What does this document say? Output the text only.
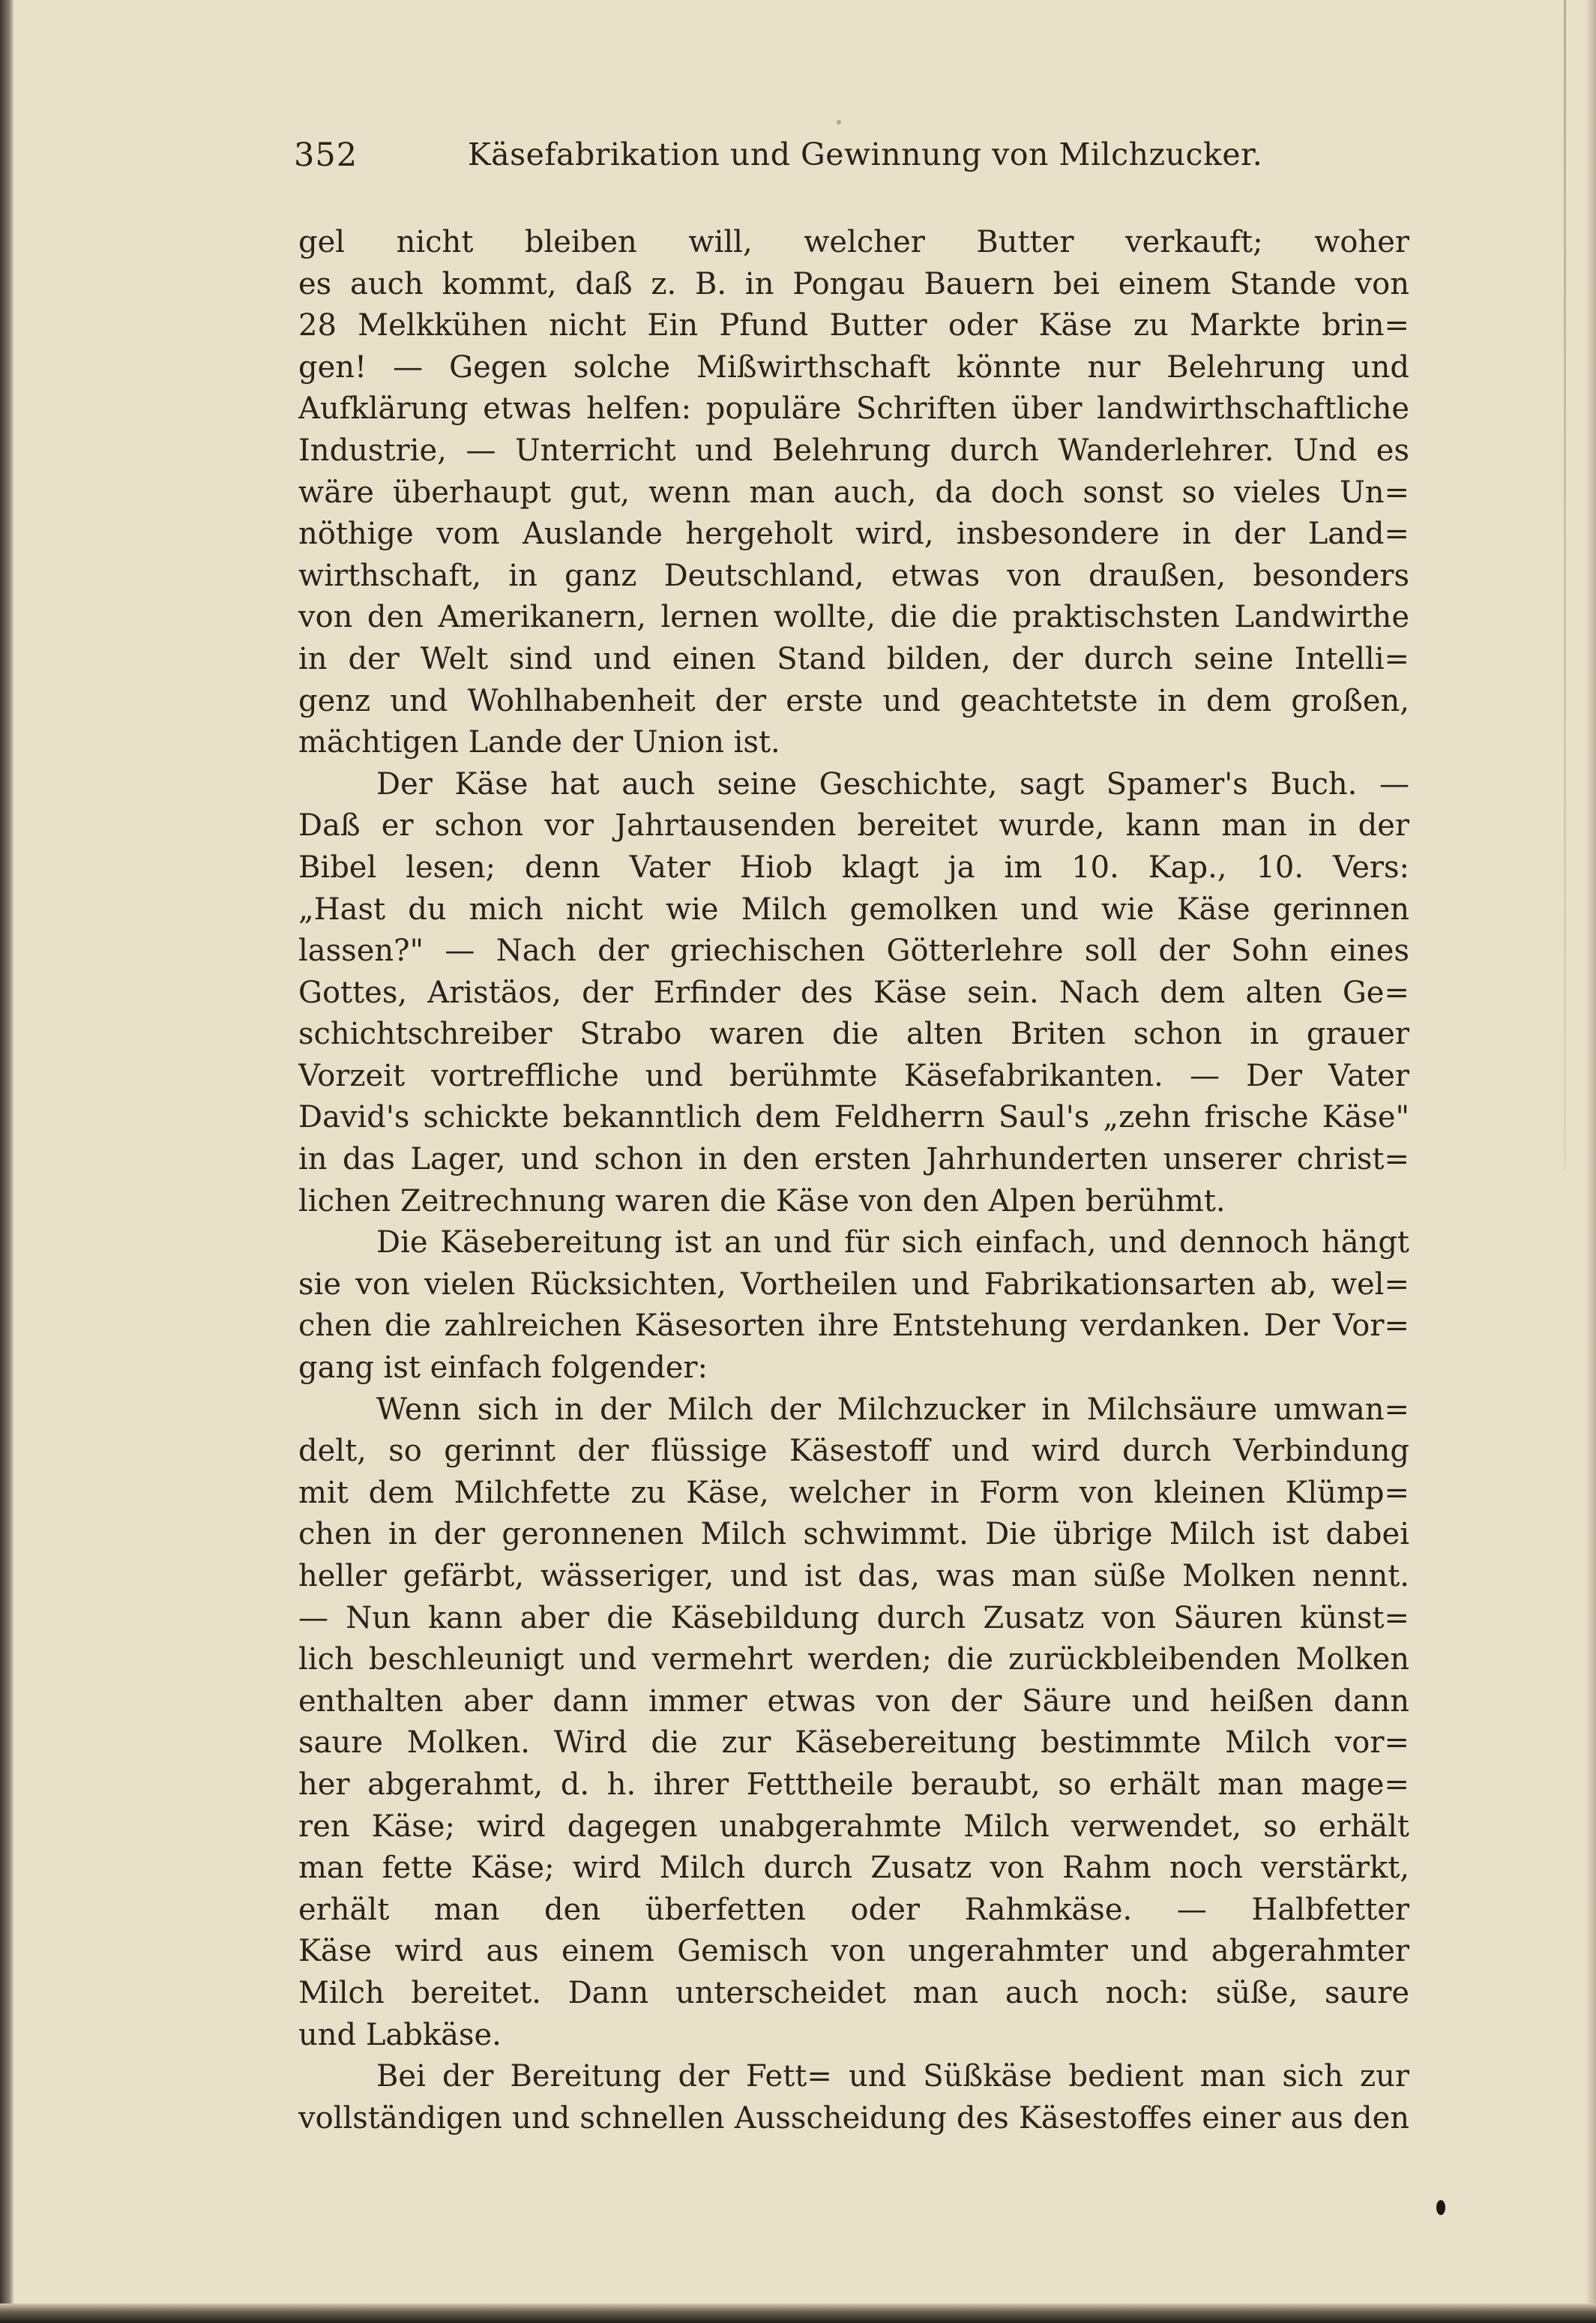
352	Käsefabrikation und Gewinnung von Milchzucker.
gel nicht bleiben will, welcher Butter verkauft; woher
es auch kommt, daß z. B. in Pongau Bauern bei einem Stande von
28 Melkkühen nicht Ein Pfund Butter oder Käse zu Markte brin=
gen! — Gegen solche Mißwirthschaft könnte nur Belehrung und
Aufklärung etwas helfen: populäre Schriften über landwirthschaftliche
Industrie, — Unterricht und Belehrung durch Wanderlehrer. Und es
wäre überhaupt gut, wenn man auch, da doch sonst so vieles Un=
nöthige vom Auslande hergeholt wird, insbesondere in der Land=
wirthschaft, in ganz Deutschland, etwas von draußen, besonders
von den Amerikanern, lernen wollte, die die praktischsten Landwirthe
in der Welt sind und einen Stand bilden, der durch seine Intelli=
genz und Wohlhabenheit der erste und geachtetste in dem großen,
mächtigen Lande der Union ist.
Der Käse hat auch seine Geschichte, sagt Spamer's Buch. —
Daß er schon vor Jahrtausenden bereitet wurde, kann man in der
Bibel lesen; denn Vater Hiob klagt ja im 10. Kap., 10. Vers:
„Hast du mich nicht wie Milch gemolken und wie Käse gerinnen
lassen?" — Nach der griechischen Götterlehre soll der Sohn eines
Gottes, Aristäos, der Erfinder des Käse sein. Nach dem alten Ge=
schichtschreiber Strabo waren die alten Briten schon in grauer
Vorzeit vortreffliche und berühmte Käsefabrikanten. — Der Vater
David's schickte bekanntlich dem Feldherrn Saul's „zehn frische Käse"
in das Lager, und schon in den ersten Jahrhunderten unserer christ=
lichen Zeitrechnung waren die Käse von den Alpen berühmt.
Die Käsebereitung ist an und für sich einfach, und dennoch hängt
sie von vielen Rücksichten, Vortheilen und Fabrikationsarten ab, wel=
chen die zahlreichen Käsesorten ihre Entstehung verdanken. Der Vor=
gang ist einfach folgender:
Wenn sich in der Milch der Milchzucker in Milchsäure umwan=
delt, so gerinnt der flüssige Käsestoff und wird durch Verbindung
mit dem Milchfette zu Käse, welcher in Form von kleinen Klümp=
chen in der geronnenen Milch schwimmt. Die übrige Milch ist dabei
heller gefärbt, wässeriger, und ist das, was man süße Molken nennt.
— Nun kann aber die Käsebildung durch Zusatz von Säuren künst=
lich beschleunigt und vermehrt werden; die zurückbleibenden Molken
enthalten aber dann immer etwas von der Säure und heißen dann
saure Molken. Wird die zur Käsebereitung bestimmte Milch vor=
her abgerahmt, d. h. ihrer Fetttheile beraubt, so erhält man mage=
ren Käse; wird dagegen unabgerahmte Milch verwendet, so erhält
man fette Käse; wird Milch durch Zusatz von Rahm noch verstärkt,
erhält man den überfetten oder Rahmkäse. — Halbfetter
Käse wird aus einem Gemisch von ungerahmter und abgerahmter
Milch bereitet. Dann unterscheidet man auch noch: süße, saure
und Labkäse.
Bei der Bereitung der Fett= und Süßkäse bedient man sich zur
vollständigen und schnellen Ausscheidung des Käsestoffes einer aus den
